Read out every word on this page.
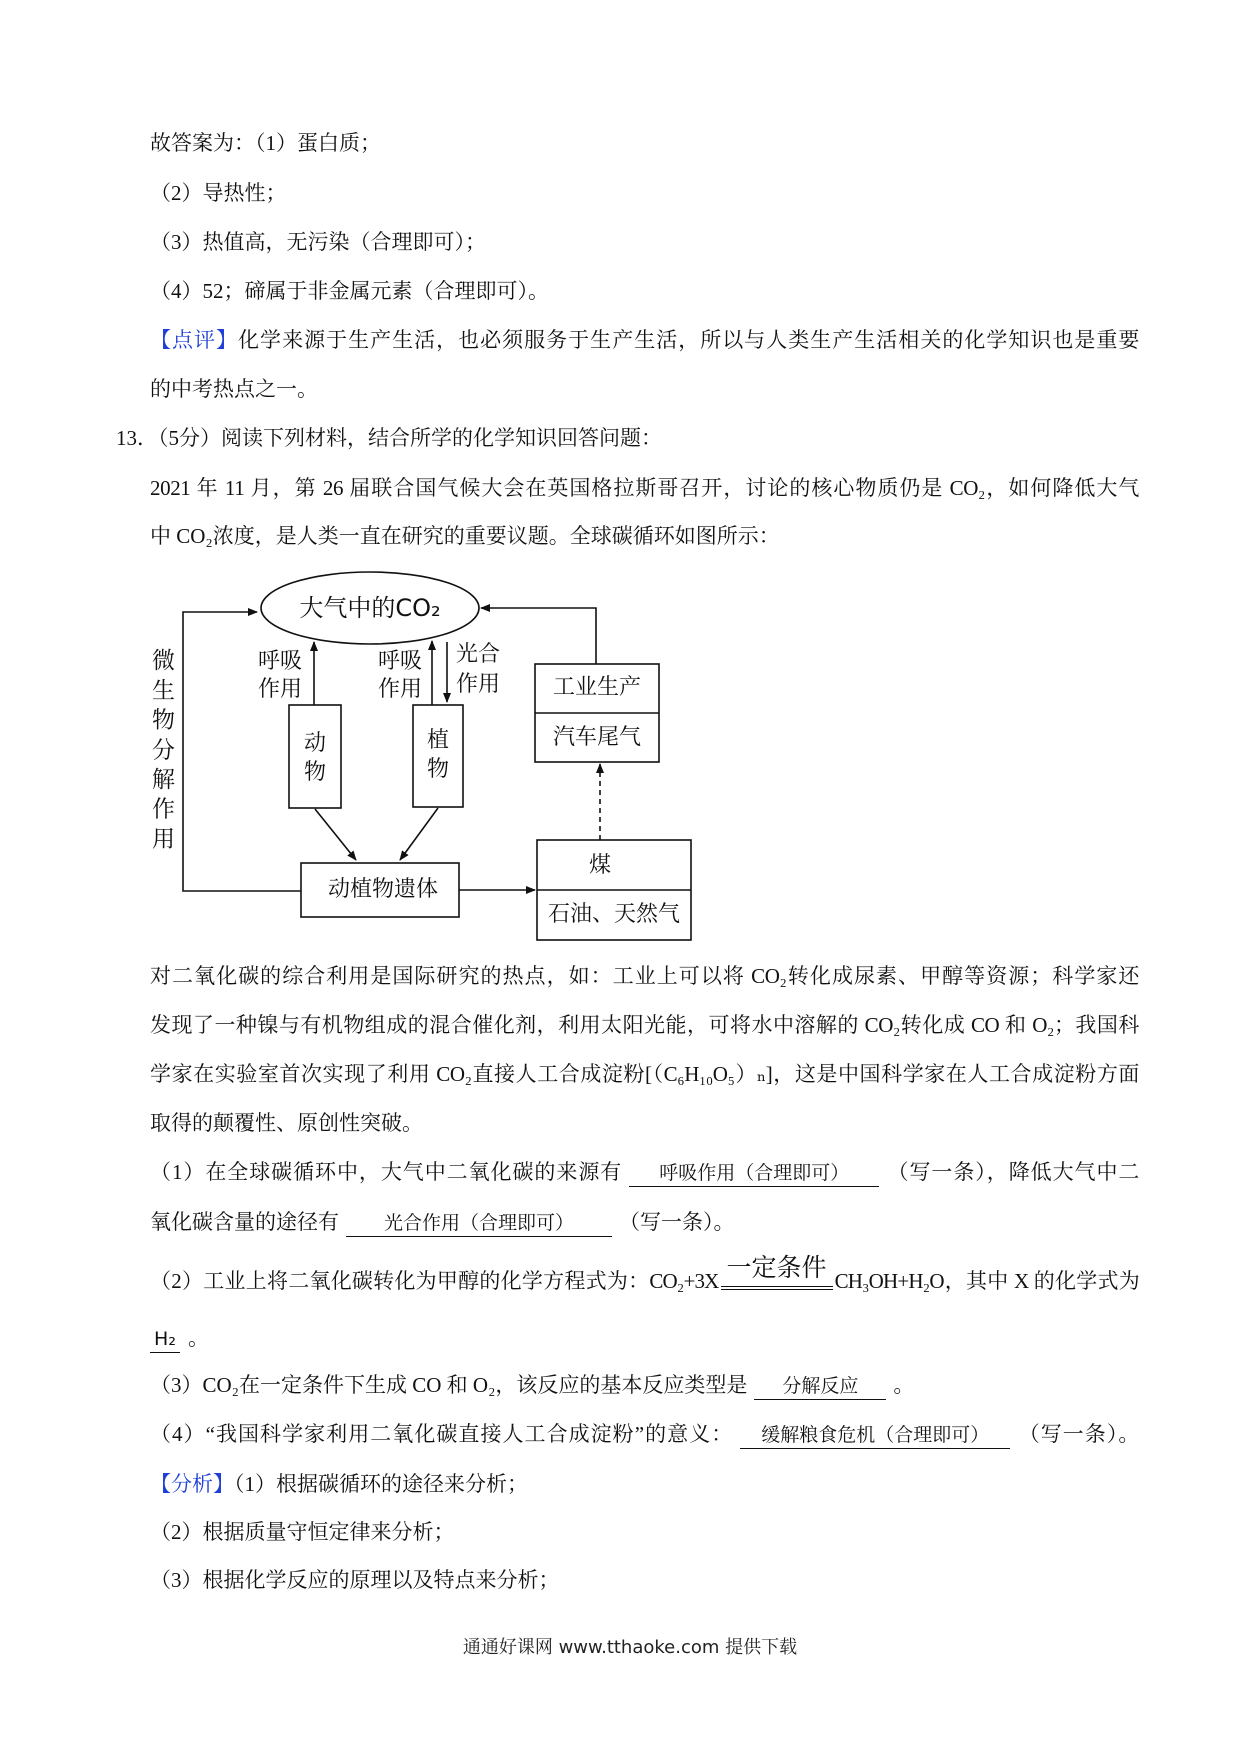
故答案为：（1）蛋白质；
（2）导热性；
（3）热值高，无污染（合理即可）；
（4）52；碲属于非金属元素（合理即可）。
【点评】化学来源于生产生活，也必须服务于生产生活，所以与人类生产生活相关的化学知识也是重要
的中考热点之一。
13．（5分）阅读下列材料，结合所学的化学知识回答问题：
2021 年 11 月，第 26 届联合国气候大会在英国格拉斯哥召开，讨论的核心物质仍是 CO₂，如何降低大气
中 CO₂浓度，是人类一直在研究的重要议题。全球碳循环如图所示：
大气中的CO₂
微生物分解作用	呼吸
作用
动
物
呼吸
作用
光合
作用
植
物
动植物遗体
煤
石油、天然气
工业生产
汽车尾气
对二氧化碳的综合利用是国际研究的热点，如：工业上可以将 CO₂转化成尿素、甲醇等资源；科学家还
发现了一种镍与有机物组成的混合催化剂，利用太阳光能，可将水中溶解的 CO₂转化成 CO 和 O₂；我国科
学家在实验室首次实现了利用 CO₂直接人工合成淀粉[（C₆H₁₀O₅）ₙ]，这是中国科学家在人工合成淀粉方面
取得的颠覆性、原创性突破。
（1）在全球碳循环中，大气中二氧化碳的来源有 呼吸作用（合理即可） （写一条），降低大气中二
氧化碳含量的途径有 光合作用（合理即可） （写一条）。
（2）工业上将二氧化碳转化为甲醇的化学方程式为：CO₂+3X 一定条件 CH₃OH+H₂O，其中 X 的化学式为
H₂ 。
（3）CO₂在一定条件下生成 CO 和 O₂，该反应的基本反应类型是 分解反应 。
（4）“我国科学家利用二氧化碳直接人工合成淀粉”的意义： 缓解粮食危机（合理即可） （写一条）。
【分析】（1）根据碳循环的途径来分析；
（2）根据质量守恒定律来分析；
（3）根据化学反应的原理以及特点来分析；
通通好课网 www.tthaoke.com 提供下载
